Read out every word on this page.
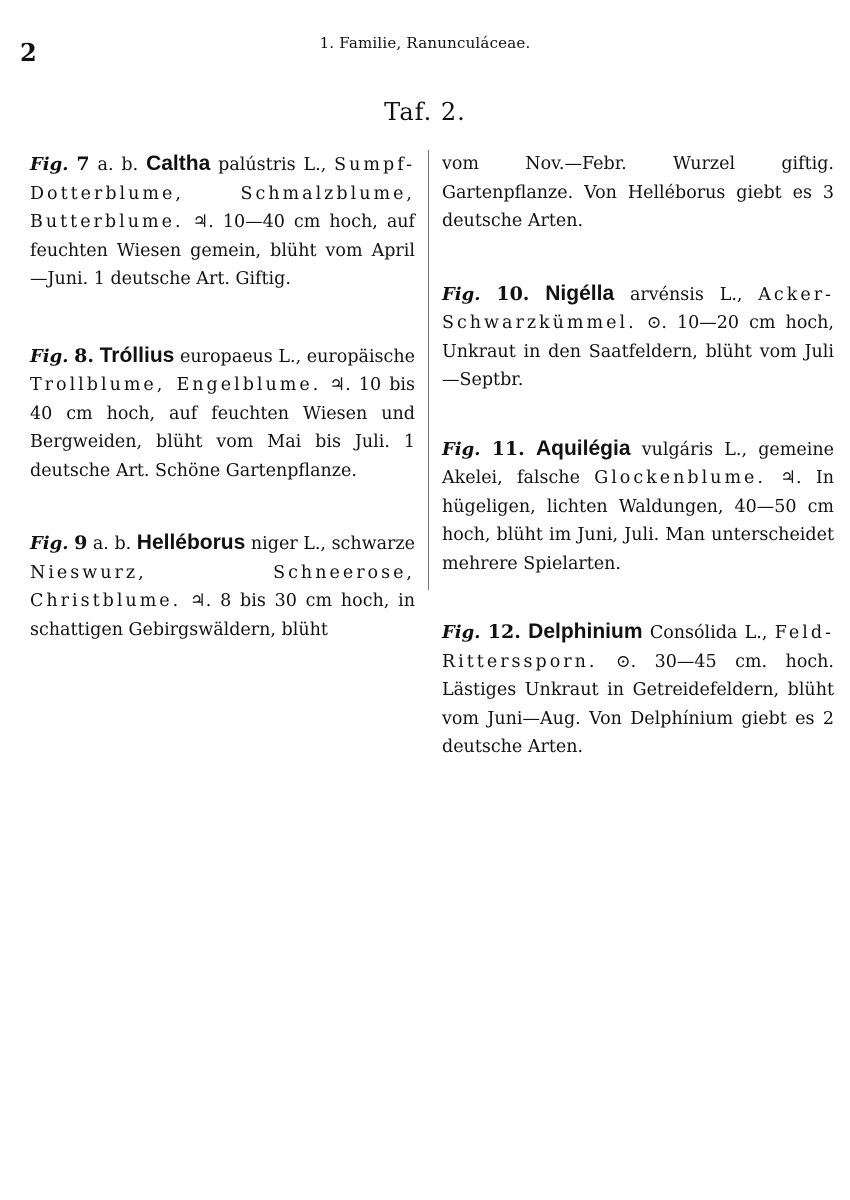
2	1. Familie, Ranunculáceae.
Taf. 2.

Fig. 7 a. b. Caltha palústris L., Sumpf-Dotterblume, Schmalzblume, Butterblume. ♃. 10—40 cm hoch, auf feuchten Wiesen gemein, blüht vom April—Juni. 1 deutsche Art. Giftig.

Fig. 8. Tróllius europaeus L., europäische Trollblume, Engelblume. ♃. 10 bis 40 cm hoch, auf feuchten Wiesen und Bergweiden, blüht vom Mai bis Juli. 1 deutsche Art. Schöne Gartenpflanze.

Fig. 9 a. b. Helléborus niger L., schwarze Nieswurz, Schneerose, Christblume. ♃. 8 bis 30 cm hoch, in schattigen Gebirgswäldern, blüht

vom Nov.—Febr. Wurzel giftig. Gartenpflanze. Von Helléborus giebt es 3 deutsche Arten.

Fig. 10. Nigélla arvénsis L., Acker-Schwarzkümmel. ⊙. 10—20 cm hoch, Unkraut in den Saatfeldern, blüht vom Juli—Septbr.

Fig. 11. Aquilégia vulgáris L., gemeine Akelei, falsche Glockenblume. ♃. In hügeligen, lichten Waldungen, 40—50 cm hoch, blüht im Juni, Juli. Man unterscheidet mehrere Spielarten.

Fig. 12. Delphinium Consólida L., Feld-Ritterssporn. ⊙. 30—45 cm. hoch. Lästiges Unkraut in Getreidefeldern, blüht vom Juni—Aug. Von Delphínium giebt es 2 deutsche Arten.
